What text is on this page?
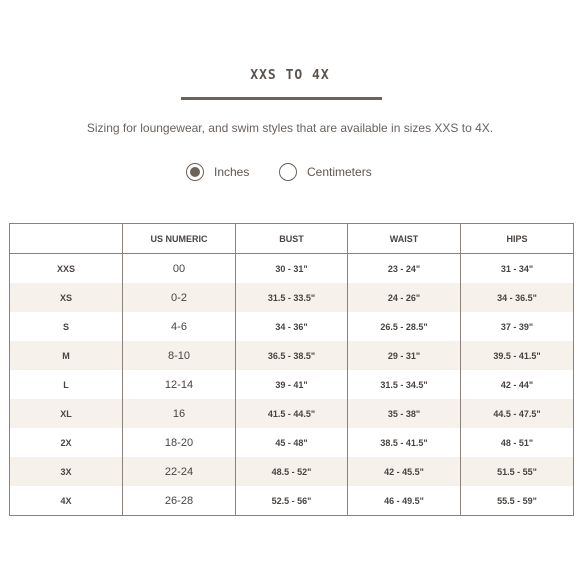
XXS TO 4X
Sizing for loungewear, and swim styles that are available in sizes XXS to 4X.
Inches	Centimeters
	US NUMERIC	BUST	WAIST	HIPS
XXS	00	30 - 31"	23 - 24"	31 - 34"
XS	0-2	31.5 - 33.5"	24 - 26"	34 - 36.5"
S	4-6	34 - 36"	26.5 - 28.5"	37 - 39"
M	8-10	36.5 - 38.5"	29 - 31"	39.5 - 41.5"
L	12-14	39 - 41"	31.5 - 34.5"	42 - 44"
XL	16	41.5 - 44.5"	35 - 38"	44.5 - 47.5"
2X	18-20	45 - 48"	38.5 - 41.5"	48 - 51"
3X	22-24	48.5 - 52"	42 - 45.5"	51.5 - 55"
4X	26-28	52.5 - 56"	46 - 49.5"	55.5 - 59"
